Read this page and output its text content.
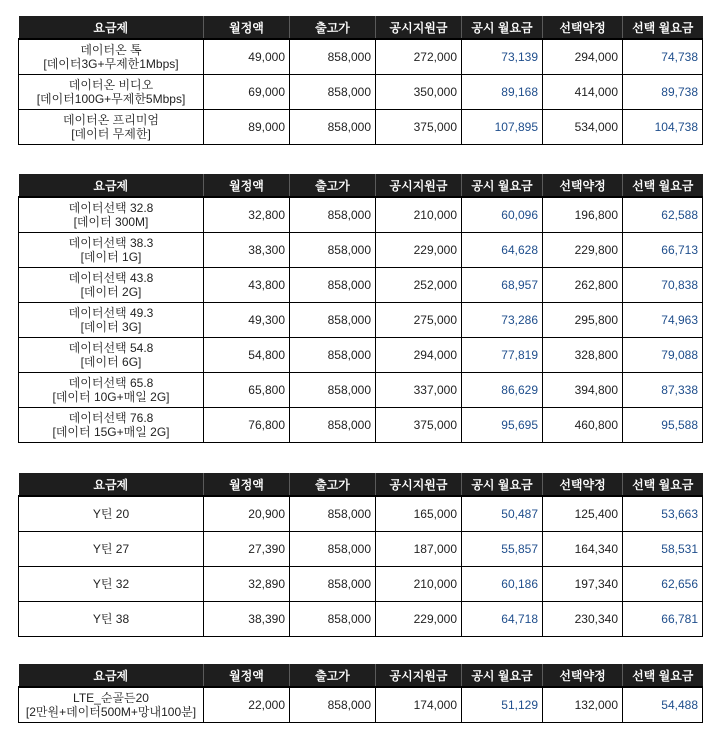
요금제	월정액	출고가	공시지원금	공시 월요금	선택약정	선택 월요금

데이터온 톡
[데이터3G+무제한1Mbps]	49,000	858,000	272,000	73,139	294,000	74,738

데이터온 비디오
[데이터100G+무제한5Mbps]	69,000	858,000	350,000	89,168	414,000	89,738

데이터온 프리미엄
[데이터 무제한]	89,000	858,000	375,000	107,895	534,000	104,738
요금제	월정액	출고가	공시지원금	공시 월요금	선택약정	선택 월요금

데이터선택 32.8
[데이터 300M]	32,800	858,000	210,000	60,096	196,800	62,588

데이터선택 38.3
[데이터 1G]	38,300	858,000	229,000	64,628	229,800	66,713

데이터선택 43.8
[데이터 2G]	43,800	858,000	252,000	68,957	262,800	70,838

데이터선택 49.3
[데이터 3G]	49,300	858,000	275,000	73,286	295,800	74,963

데이터선택 54.8
[데이터 6G]	54,800	858,000	294,000	77,819	328,800	79,088

데이터선택 65.8
[데이터 10G+매일 2G]	65,800	858,000	337,000	86,629	394,800	87,338

데이터선택 76.8
[데이터 15G+매일 2G]	76,800	858,000	375,000	95,695	460,800	95,588
요금제	월정액	출고가	공시지원금	공시 월요금	선택약정	선택 월요금

Y틴 20	20,900	858,000	165,000	50,487	125,400	53,663

Y틴 27	27,390	858,000	187,000	55,857	164,340	58,531

Y틴 32	32,890	858,000	210,000	60,186	197,340	62,656

Y틴 38	38,390	858,000	229,000	64,718	230,340	66,781
요금제	월정액	출고가	공시지원금	공시 월요금	선택약정	선택 월요금

LTE_순골든20
[2만원+데이터500M+망내100분]	22,000	858,000	174,000	51,129	132,000	54,488
